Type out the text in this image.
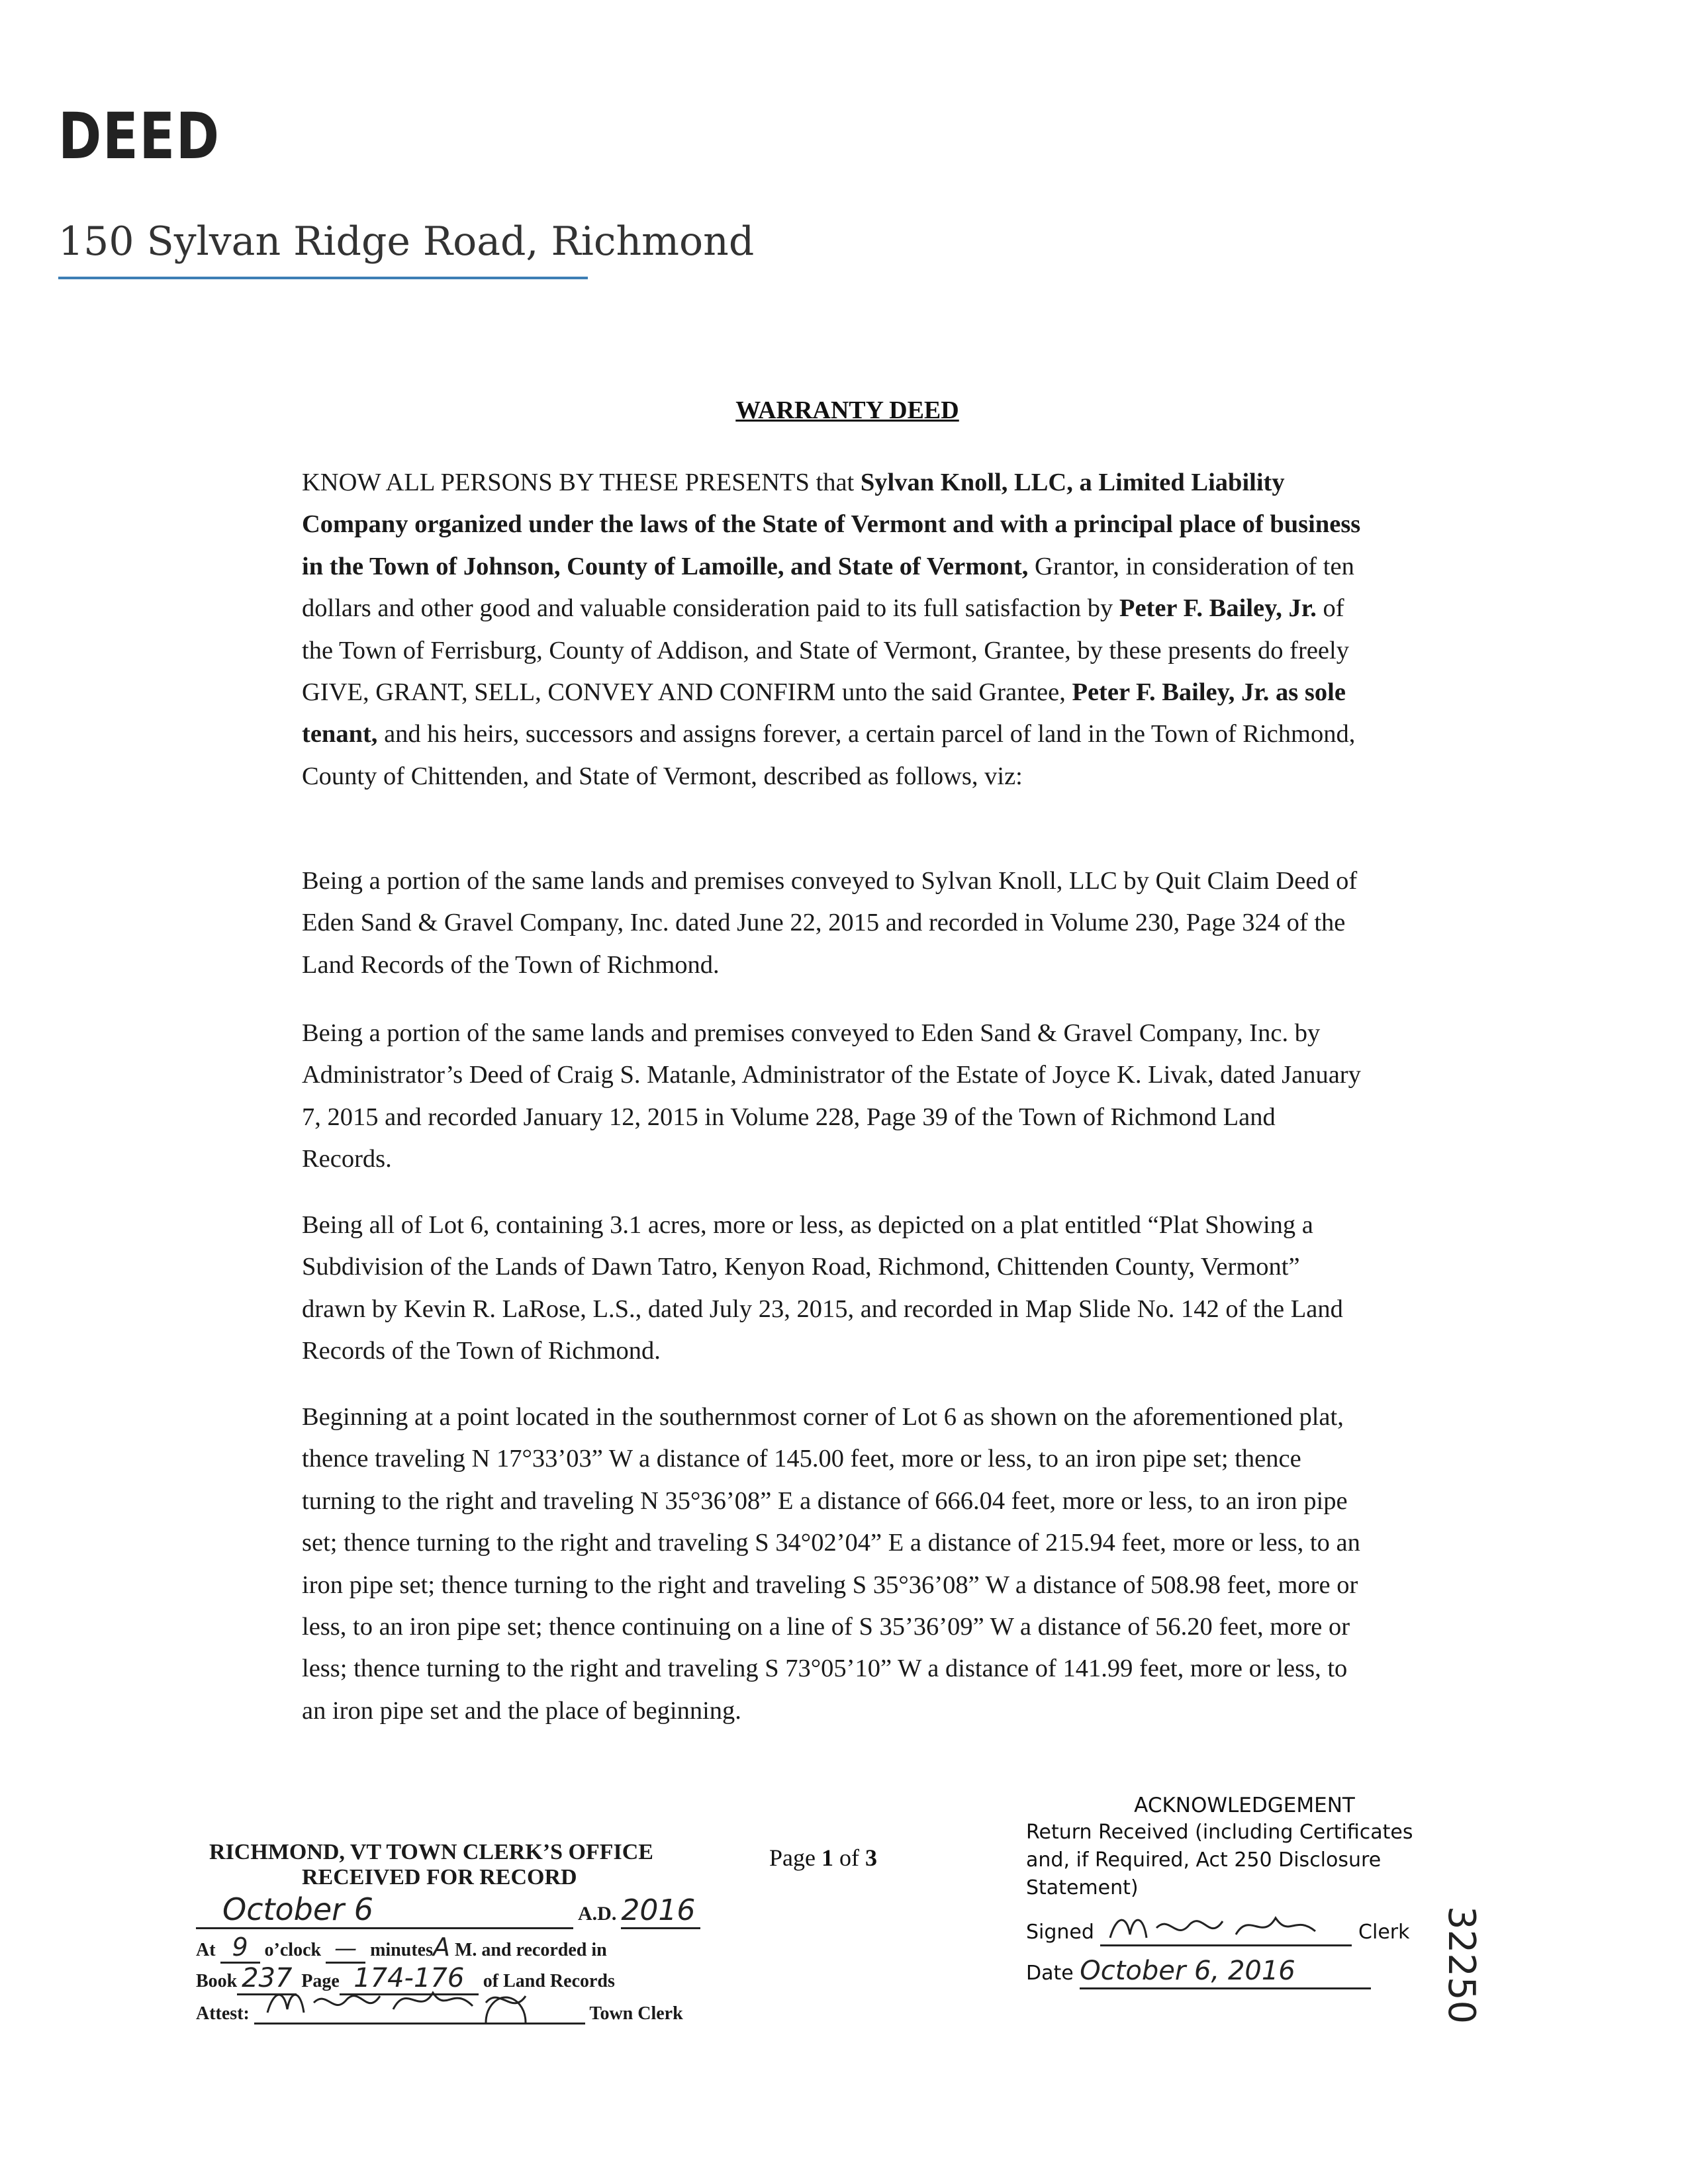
DEED
150 Sylvan Ridge Road, Richmond
WARRANTY DEED
KNOW ALL PERSONS BY THESE PRESENTS that Sylvan Knoll, LLC, a Limited Liability Company organized under the laws of the State of Vermont and with a principal place of business in the Town of Johnson, County of Lamoille, and State of Vermont, Grantor, in consideration of ten dollars and other good and valuable consideration paid to its full satisfaction by Peter F. Bailey, Jr. of the Town of Ferrisburg, County of Addison, and State of Vermont, Grantee, by these presents do freely GIVE, GRANT, SELL, CONVEY AND CONFIRM unto the said Grantee, Peter F. Bailey, Jr. as sole tenant, and his heirs, successors and assigns forever, a certain parcel of land in the Town of Richmond, County of Chittenden, and State of Vermont, described as follows, viz:
Being a portion of the same lands and premises conveyed to Sylvan Knoll, LLC by Quit Claim Deed of Eden Sand & Gravel Company, Inc. dated June 22, 2015 and recorded in Volume 230, Page 324 of the Land Records of the Town of Richmond.
Being a portion of the same lands and premises conveyed to Eden Sand & Gravel Company, Inc. by Administrator’s Deed of Craig S. Matanle, Administrator of the Estate of Joyce K. Livak, dated January 7, 2015 and recorded January 12, 2015 in Volume 228, Page 39 of the Town of Richmond Land Records.
Being all of Lot 6, containing 3.1 acres, more or less, as depicted on a plat entitled “Plat Showing a Subdivision of the Lands of Dawn Tatro, Kenyon Road, Richmond, Chittenden County, Vermont” drawn by Kevin R. LaRose, L.S., dated July 23, 2015, and recorded in Map Slide No. 142 of the Land Records of the Town of Richmond.
Beginning at a point located in the southernmost corner of Lot 6 as shown on the aforementioned plat, thence traveling N 17°33’03” W a distance of 145.00 feet, more or less, to an iron pipe set; thence turning to the right and traveling N 35°36’08” E a distance of 666.04 feet, more or less, to an iron pipe set; thence turning to the right and traveling S 34°02’04” E a distance of 215.94 feet, more or less, to an iron pipe set; thence turning to the right and traveling S 35°36’08” W a distance of 508.98 feet, more or less, to an iron pipe set; thence continuing on a line of S 35’36’09” W a distance of 56.20 feet, more or less; thence turning to the right and traveling S 73°05’10” W a distance of 141.99 feet, more or less, to an iron pipe set and the place of beginning.
RICHMOND, VT TOWN CLERK’S OFFICE
RECEIVED FOR RECORD
October 6	A.D. 2016
At 9 o’clock — minutesA M. and recorded in
Book 237 Page 174-176 of Land Records
Attest:	Town Clerk
Page 1 of 3
ACKNOWLEDGEMENT
Return Received (including Certificates
and, if Required, Act 250 Disclosure
Statement)
Signed	Clerk
Date October 6, 2016	32250
